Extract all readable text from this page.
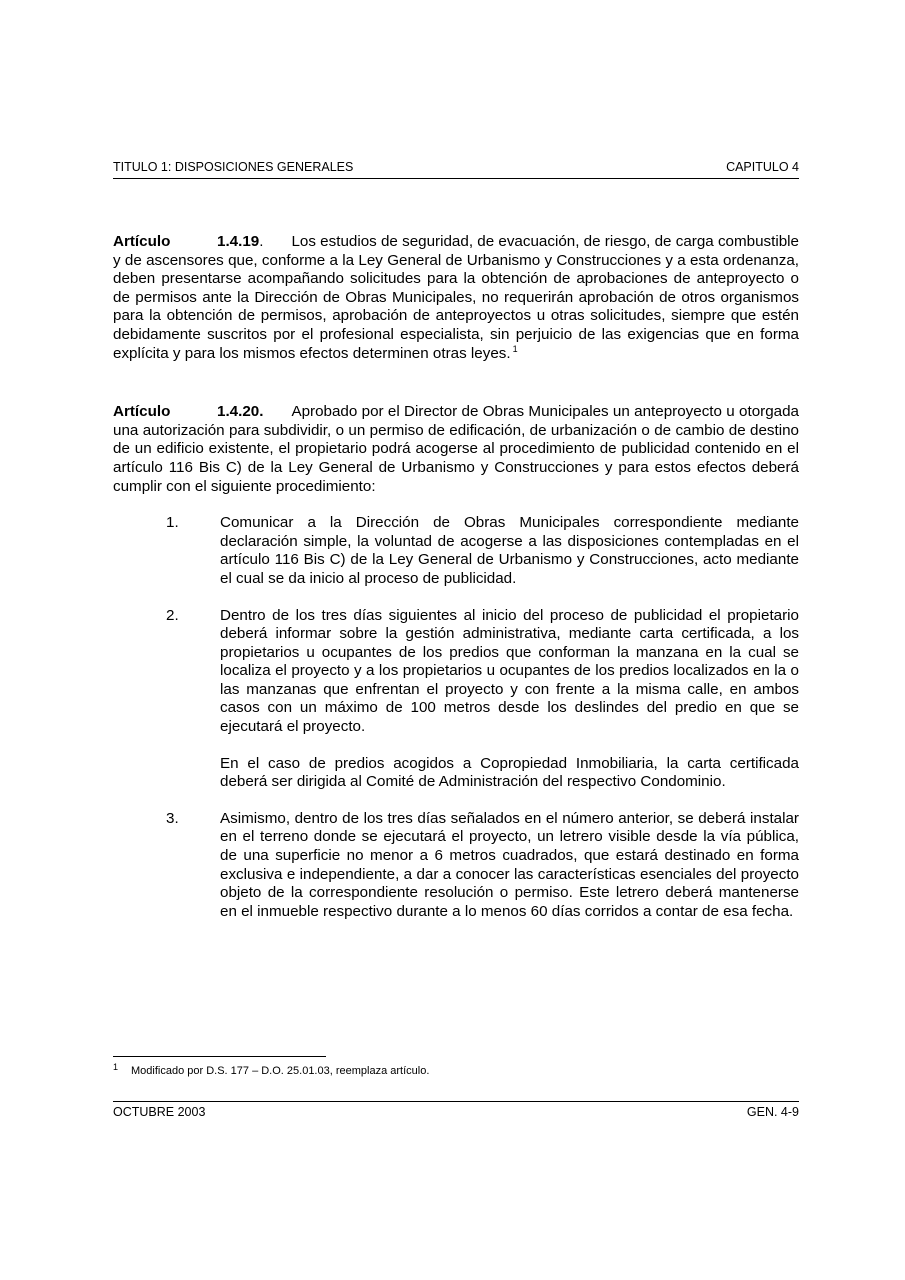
TITULO 1: DISPOSICIONES GENERALES	CAPITULO 4

Artículo	1.4.19. Los estudios de seguridad, de evacuación, de riesgo, de carga combustible y de ascensores que, conforme a la Ley General de Urbanismo y Construcciones y a esta ordenanza, deben presentarse acompañando solicitudes para la obtención de aprobaciones de anteproyecto o de permisos ante la Dirección de Obras Municipales, no requerirán aprobación de otros organismos para la obtención de permisos, aprobación de anteproyectos u otras solicitudes, siempre que estén debidamente suscritos por el profesional especialista, sin perjuicio de las exigencias que en forma explícita y para los mismos efectos determinen otras leyes. $^1$

Artículo	1.4.20. Aprobado por el Director de Obras Municipales un anteproyecto u otorgada una autorización para subdividir, o un permiso de edificación, de urbanización o de cambio de destino de un edificio existente, el propietario podrá acogerse al procedimiento de publicidad contenido en el artículo 116 Bis C) de la Ley General de Urbanismo y Construcciones y para estos efectos deberá cumplir con el siguiente procedimiento:

1.	Comunicar a la Dirección de Obras Municipales correspondiente mediante declaración simple, la voluntad de acogerse a las disposiciones contempladas en el artículo 116 Bis C) de la Ley General de Urbanismo y Construcciones, acto mediante el cual se da inicio al proceso de publicidad.

2.	Dentro de los tres días siguientes al inicio del proceso de publicidad el propietario deberá informar sobre la gestión administrativa, mediante carta certificada, a los propietarios u ocupantes de los predios que conforman la manzana en la cual se localiza el proyecto y a los propietarios u ocupantes de los predios localizados en la o las manzanas que enfrentan el proyecto y con frente a la misma calle, en ambos casos con un máximo de 100 metros desde los deslindes del predio en que se ejecutará el proyecto.

En el caso de predios acogidos a Copropiedad Inmobiliaria, la carta certificada deberá ser dirigida al Comité de Administración del respectivo Condominio.

3.	Asimismo, dentro de los tres días señalados en el número anterior, se deberá instalar en el terreno donde se ejecutará el proyecto, un letrero visible desde la vía pública, de una superficie no menor a 6 metros cuadrados, que estará destinado en forma exclusiva e independiente, a dar a conocer las características esenciales del proyecto objeto de la correspondiente resolución o permiso. Este letrero deberá mantenerse en el inmueble respectivo durante a lo menos 60 días corridos a contar de esa fecha.

1 Modificado por D.S. 177 – D.O. 25.01.03, reemplaza artículo.
OCTUBRE 2003	GEN. 4-9
